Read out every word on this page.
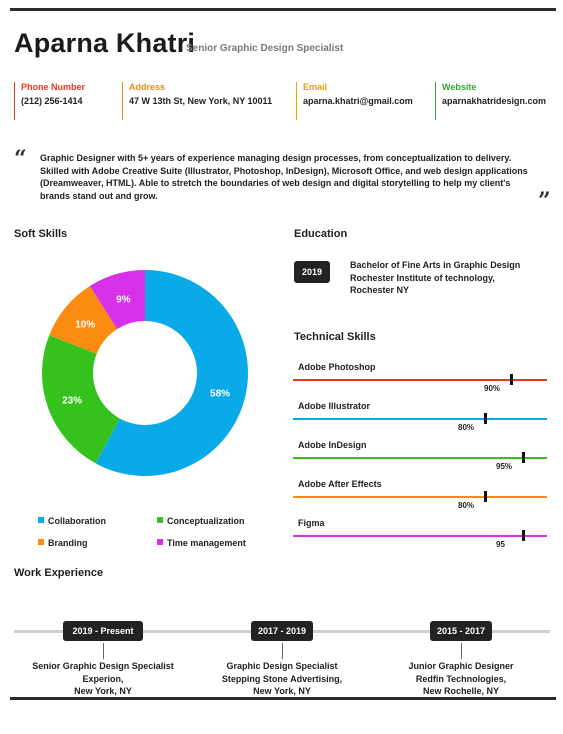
Aparna Khatri
Senior Graphic Design Specialist
Phone Number
(212) 256-1414
Address
47 W 13th St, New York, NY 10011
Email
aparna.khatri@gmail.com
Website
aparnakhatridesign.com
“ Graphic Designer with 5+ years of experience managing design processes, from conceptualization to delivery. Skilled with Adobe Creative Suite (Illustrator, Photoshop, InDesign), Microsoft Office, and web design applications (Dreamweaver, HTML). Able to stretch the boundaries of web design and digital storytelling to help my client's brands stand out and grow.	”
Soft Skills
58%
23%
10%
9%
Collaboration	Conceptualization
Branding	Time management
Education
2019
Bachelor of Fine Arts in Graphic Design
Rochester Institute of technology,
Rochester NY
Technical Skills
Adobe Photoshop
90%
Adobe Illustrator
80%
Adobe InDesign
95%
Adobe After Effects
80%
Figma
95
Work Experience
2019 - Present
Senior Graphic Design Specialist
Experion,
New York, NY
2017 - 2019
Graphic Design Specialist
Stepping Stone Advertising,
New York, NY
2015 - 2017
Junior Graphic Designer
Redfin Technologies,
New Rochelle, NY
